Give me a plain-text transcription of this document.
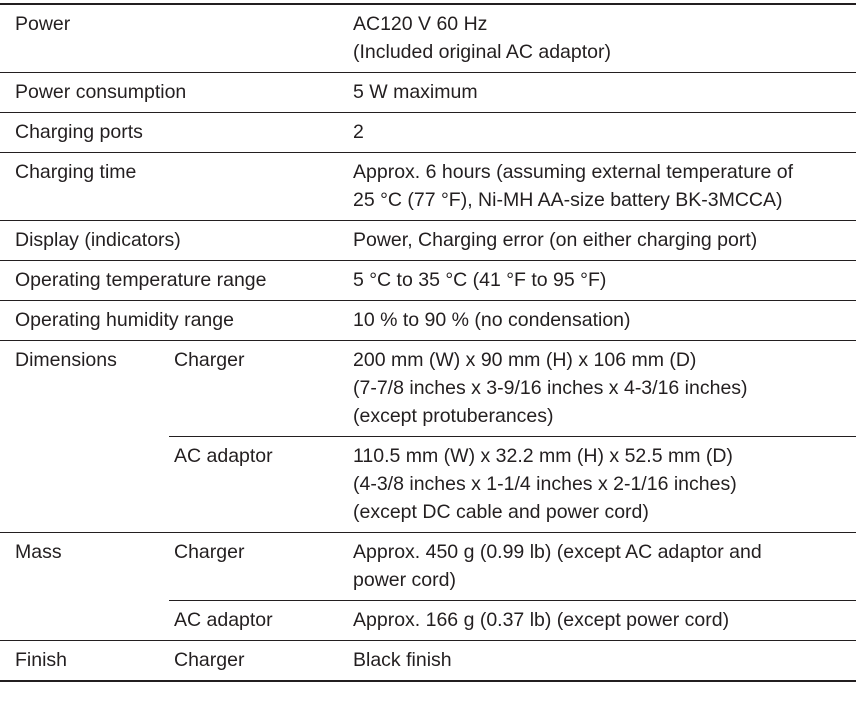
Power		AC120 V 60 Hz
(Included original AC adaptor)

Power consumption		5 W maximum

Charging ports		2

Charging time		Approx. 6 hours (assuming external temperature of
25 °C (77 °F), Ni-MH AA-size battery BK-3MCCA)

Display (indicators)		Power, Charging error (on either charging port)

Operating temperature range		5 °C to 35 °C (41 °F to 95 °F)

Operating humidity range		10 % to 90 % (no condensation)

Dimensions	Charger	200 mm (W) x 90 mm (H) x 106 mm (D)
(7-7/8 inches x 3-9/16 inches x 4-3/16 inches)
(except protuberances)

	AC adaptor	110.5 mm (W) x 32.2 mm (H) x 52.5 mm (D)
(4-3/8 inches x 1-1/4 inches x 2-1/16 inches)
(except DC cable and power cord)

Mass	Charger	Approx. 450 g (0.99 lb) (except AC adaptor and
power cord)

	AC adaptor	Approx. 166 g (0.37 lb) (except power cord)

Finish	Charger	Black finish
